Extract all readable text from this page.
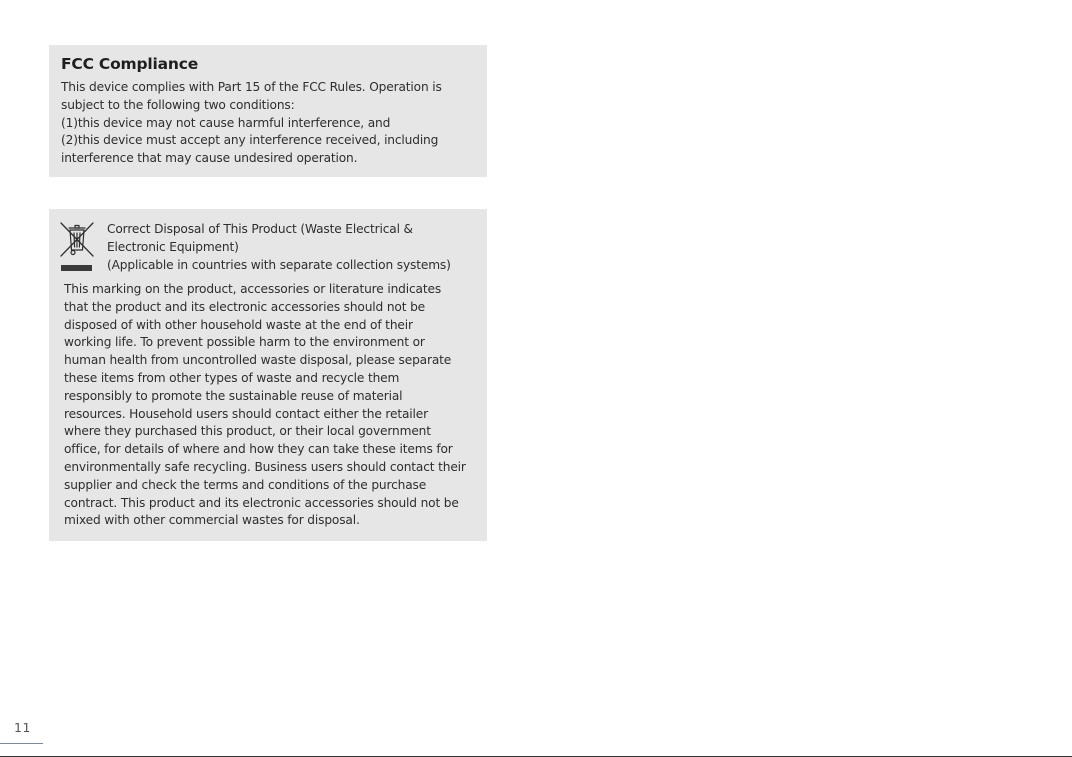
FCC Compliance
This device complies with Part 15 of the FCC Rules. Operation is
subject to the following two conditions:
(1)this device may not cause harmful interference, and
(2)this device must accept any interference received, including
interference that may cause undesired operation.
Correct Disposal of This Product (Waste Electrical &
Electronic Equipment)
(Applicable in countries with separate collection systems)
This marking on the product, accessories or literature indicates
that the product and its electronic accessories should not be
disposed of with other household waste at the end of their
working life. To prevent possible harm to the environment or
human health from uncontrolled waste disposal, please separate
these items from other types of waste and recycle them
responsibly to promote the sustainable reuse of material
resources. Household users should contact either the retailer
where they purchased this product, or their local government
office, for details of where and how they can take these items for
environmentally safe recycling. Business users should contact their
supplier and check the terms and conditions of the purchase
contract. This product and its electronic accessories should not be
mixed with other commercial wastes for disposal.
11
